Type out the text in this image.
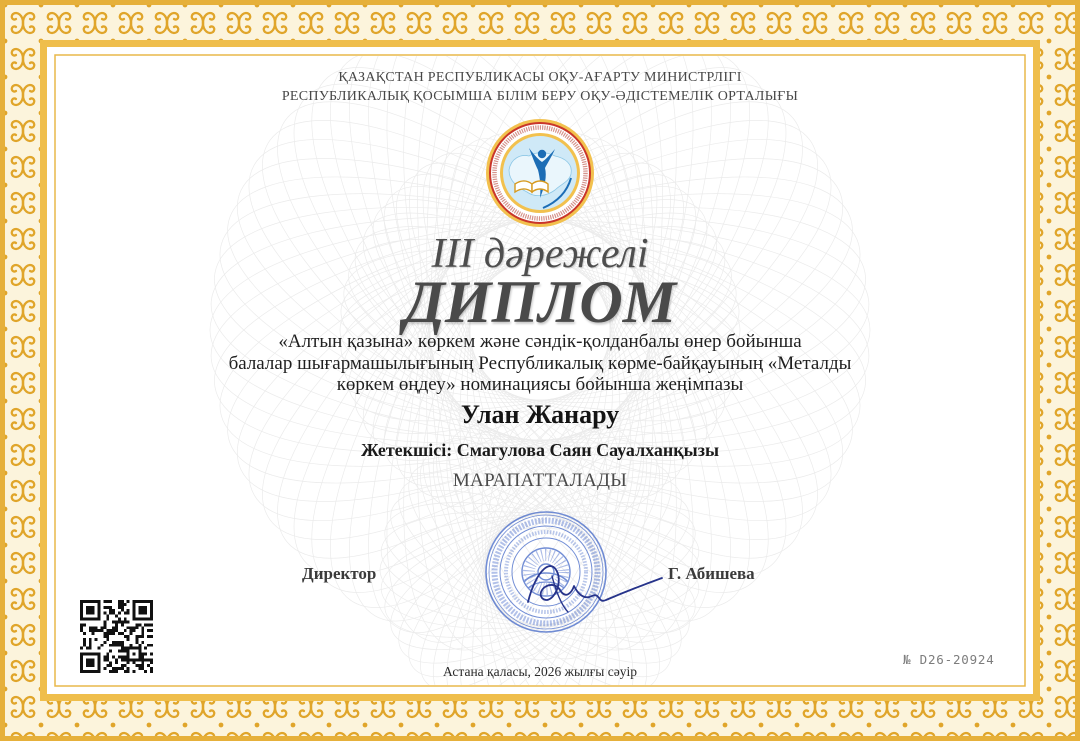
ҚАЗАҚСТАН РЕСПУБЛИКАСЫ ОҚУ-АҒАРТУ МИНИСТРЛІГІ
РЕСПУБЛИКАЛЫҚ ҚОСЫМША БІЛІМ БЕРУ ОҚУ-ӘДІСТЕМЕЛІК ОРТАЛЫҒЫ
III дәрежелі
ДИПЛОМ
«Алтын қазына» көркем және сәндік-қолданбалы өнер бойынша
балалар шығармашылығының Республикалық көрме-байқауының «Металды
көркем өңдеу» номинациясы бойынша жеңімпазы
Улан Жанару
Жетекшісі: Смагулова Саян Сауалханқызы
МАРАПАТТАЛАДЫ
Директор	Г. Абишева
№ D26-20924
Астана қаласы, 2026 жылғы сәуір
